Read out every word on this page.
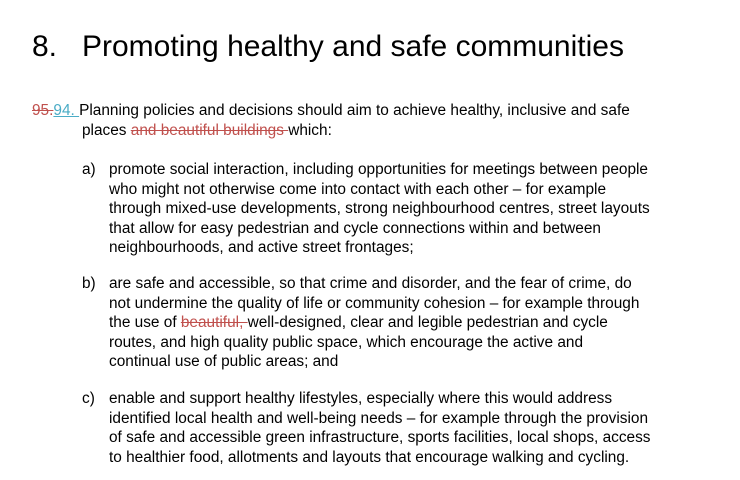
8. Promoting healthy and safe communities
95.94. Planning policies and decisions should aim to achieve healthy, inclusive and safe
places and beautiful buildings which:
a) promote social interaction, including opportunities for meetings between people
who might not otherwise come into contact with each other – for example
through mixed-use developments, strong neighbourhood centres, street layouts
that allow for easy pedestrian and cycle connections within and between
neighbourhoods, and active street frontages;
b) are safe and accessible, so that crime and disorder, and the fear of crime, do
not undermine the quality of life or community cohesion – for example through
the use of beautiful, well-designed, clear and legible pedestrian and cycle
routes, and high quality public space, which encourage the active and
continual use of public areas; and
c) enable and support healthy lifestyles, especially where this would address
identified local health and well-being needs – for example through the provision
of safe and accessible green infrastructure, sports facilities, local shops, access
to healthier food, allotments and layouts that encourage walking and cycling.
